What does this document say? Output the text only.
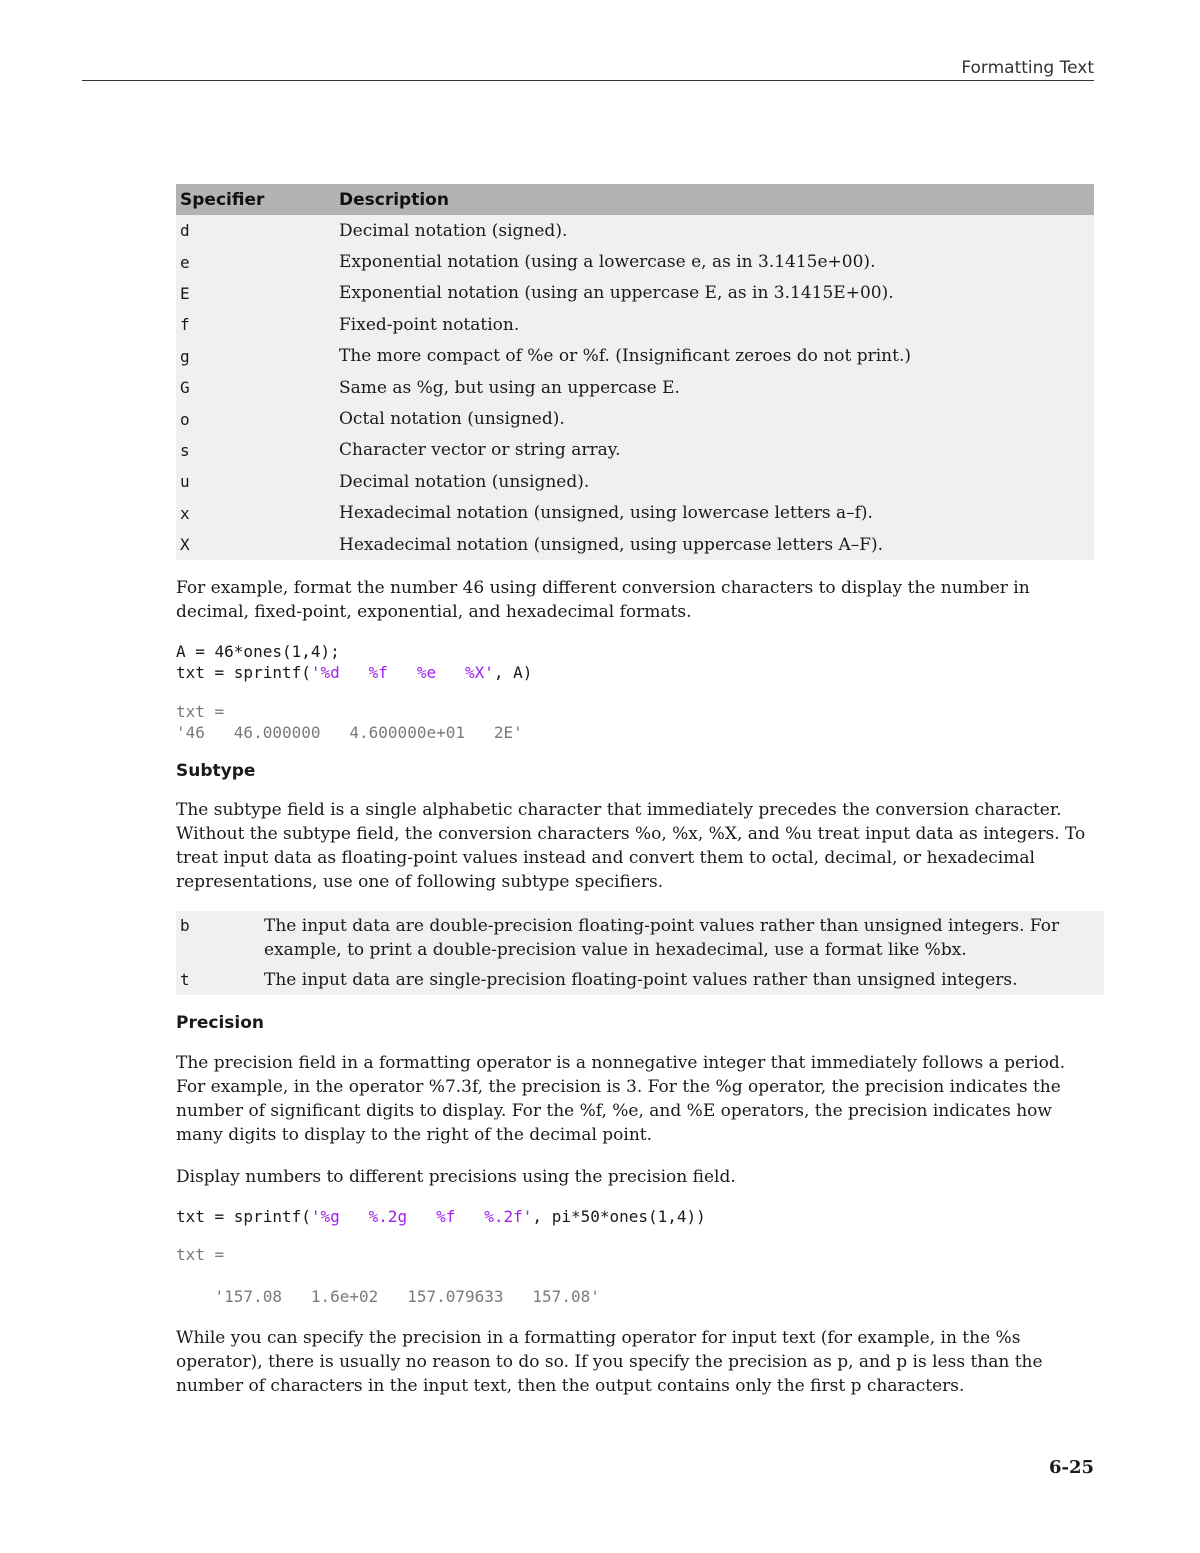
Formatting Text
Specifier	Description
d	Decimal notation (signed).
e	Exponential notation (using a lowercase e, as in 3.1415e+00).
E	Exponential notation (using an uppercase E, as in 3.1415E+00).
f	Fixed-point notation.
g	The more compact of %e or %f. (Insignificant zeroes do not print.)
G	Same as %g, but using an uppercase E.
o	Octal notation (unsigned).
s	Character vector or string array.
u	Decimal notation (unsigned).
x	Hexadecimal notation (unsigned, using lowercase letters a–f).
X	Hexadecimal notation (unsigned, using uppercase letters A–F).

For example, format the number 46 using different conversion characters to display the number in decimal, fixed-point, exponential, and hexadecimal formats.

A = 46*ones(1,4);
txt = sprintf('%d   %f   %e   %X', A)
txt =
'46   46.000000   4.600000e+01   2E'
Subtype

The subtype field is a single alphabetic character that immediately precedes the conversion character. Without the subtype field, the conversion characters %o, %x, %X, and %u treat input data as integers. To treat input data as floating-point values instead and convert them to octal, decimal, or hexadecimal representations, use one of following subtype specifiers.

b	The input data are double-precision floating-point values rather than unsigned integers. For example, to print a double-precision value in hexadecimal, use a format like %bx.
t	The input data are single-precision floating-point values rather than unsigned integers.
Precision

The precision field in a formatting operator is a nonnegative integer that immediately follows a period. For example, in the operator %7.3f, the precision is 3. For the %g operator, the precision indicates the number of significant digits to display. For the %f, %e, and %E operators, the precision indicates how many digits to display to the right of the decimal point.

Display numbers to different precisions using the precision field.

txt = sprintf('%g   %.2g   %f   %.2f', pi*50*ones(1,4))
txt =

'157.08   1.6e+02   157.079633   157.08'

While you can specify the precision in a formatting operator for input text (for example, in the %s operator), there is usually no reason to do so. If you specify the precision as p, and p is less than the number of characters in the input text, then the output contains only the first p characters.

6-25
